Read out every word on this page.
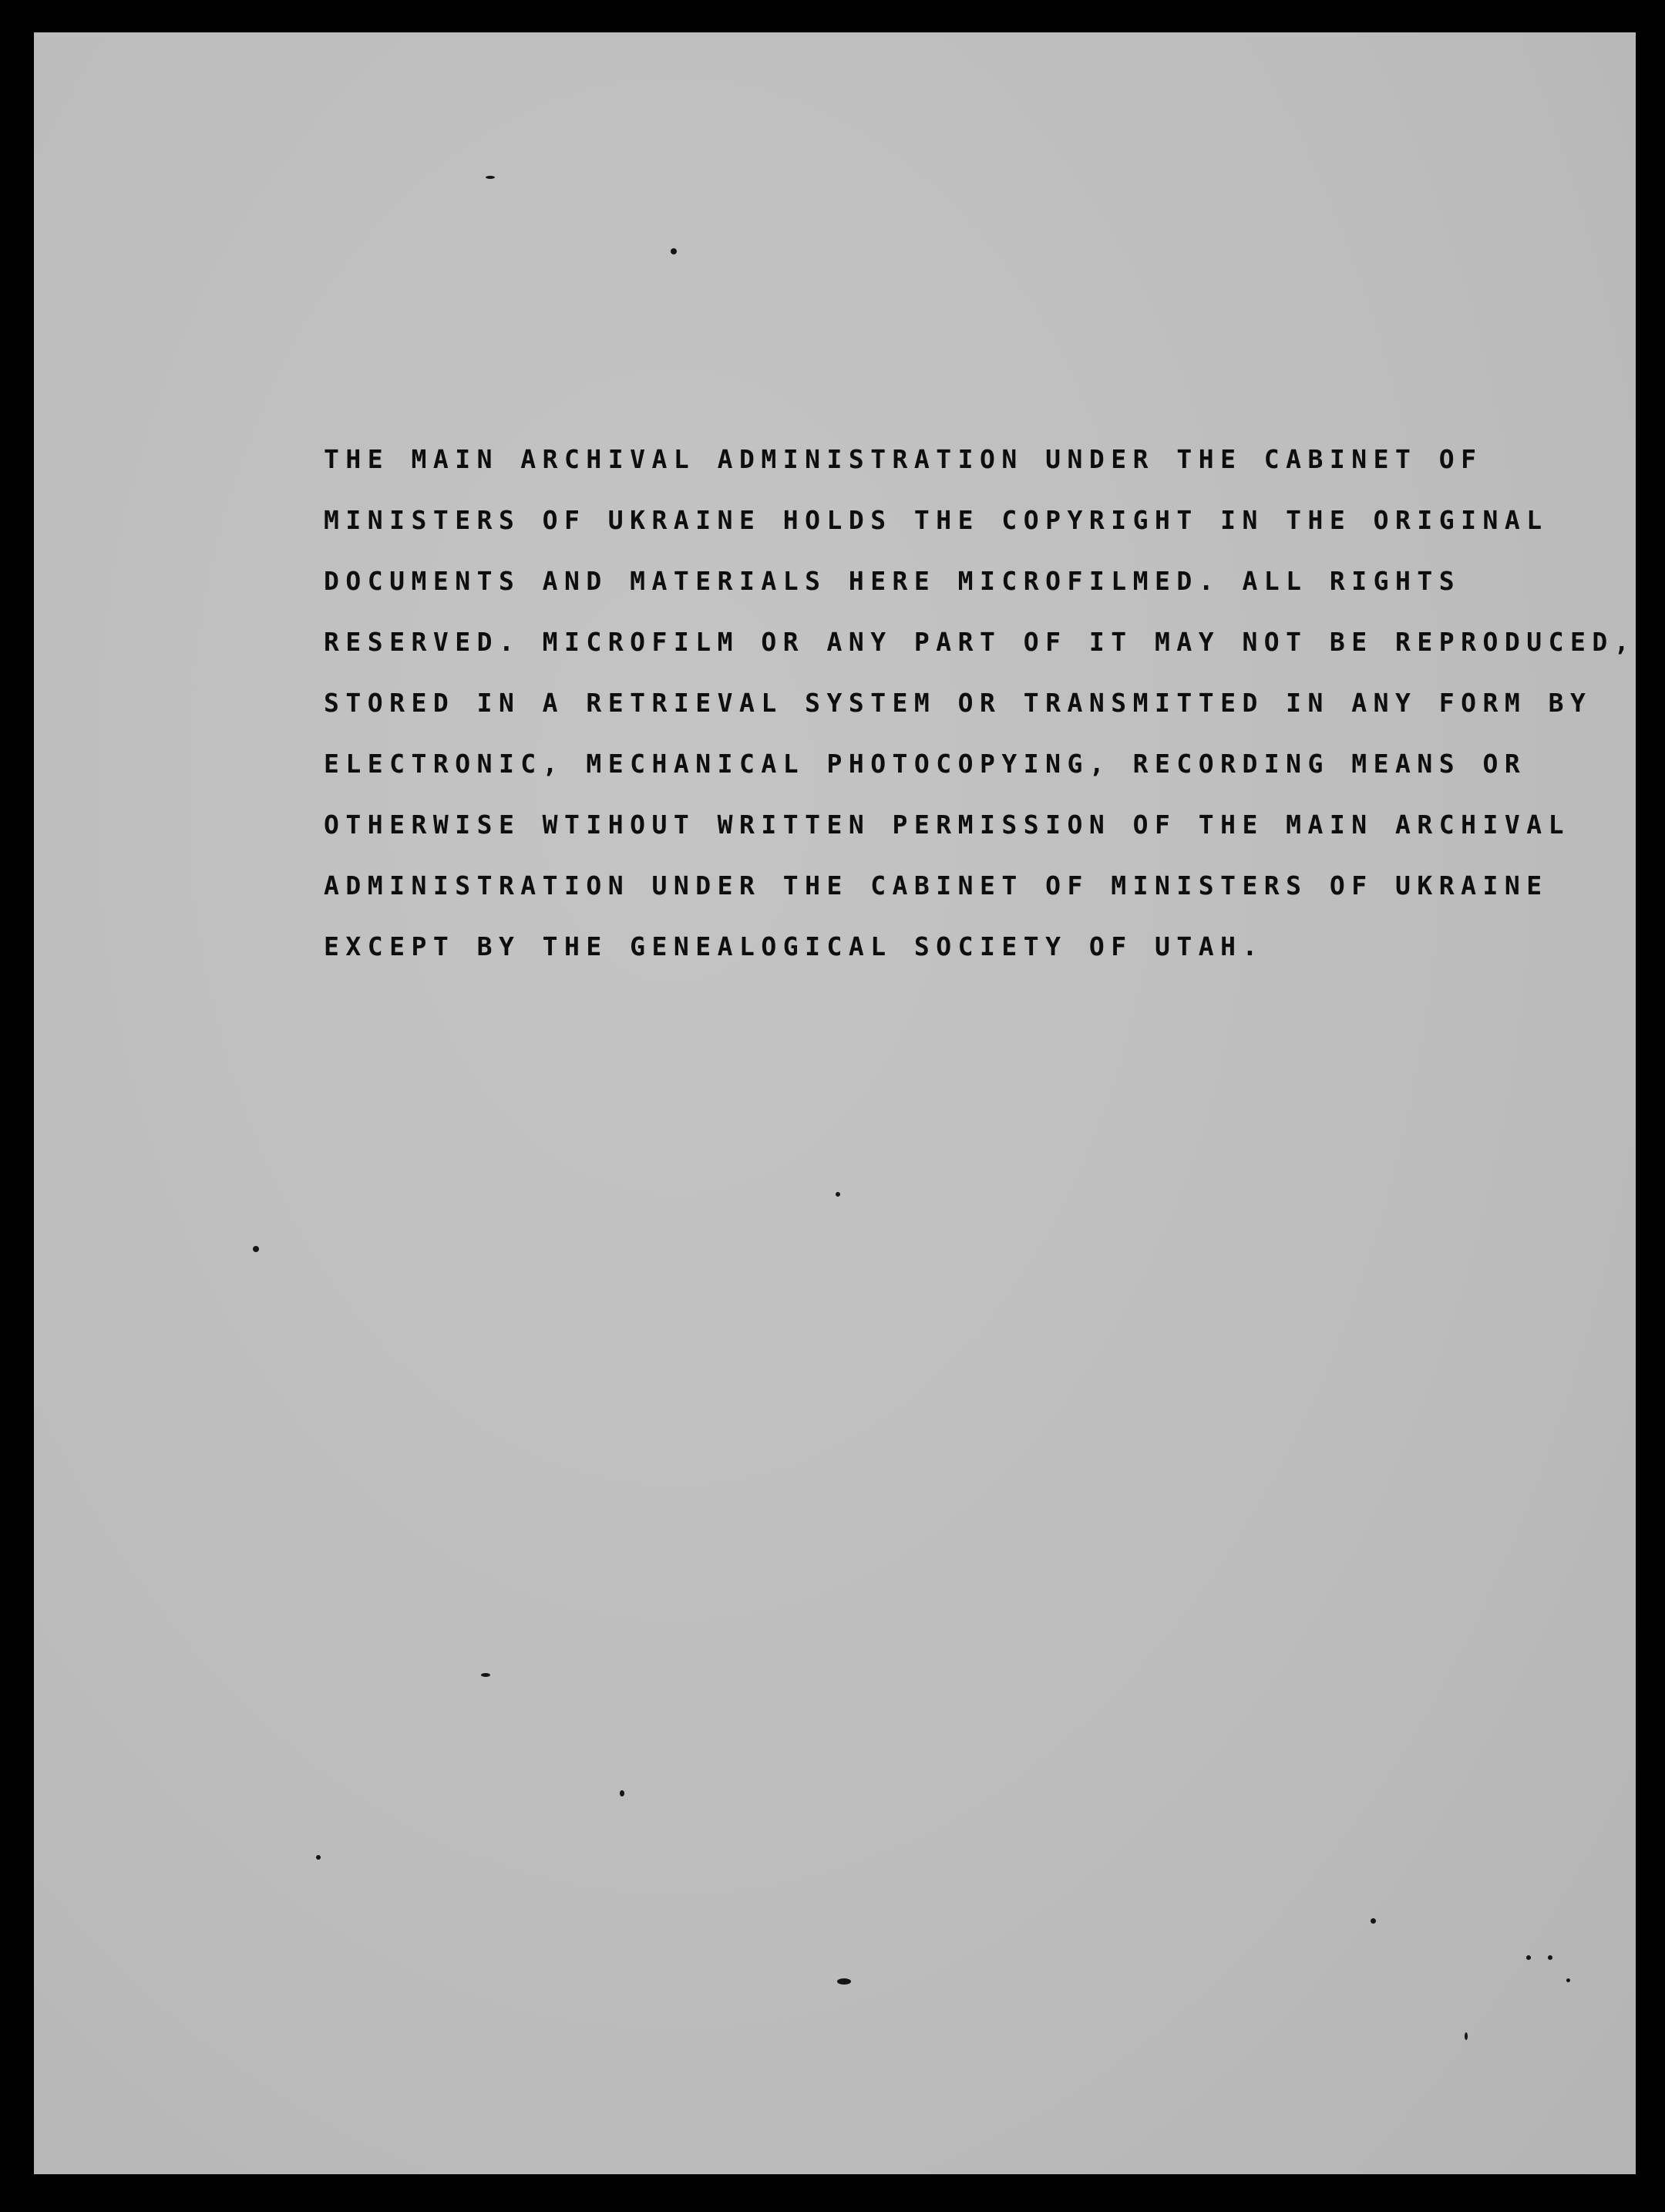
THE MAIN ARCHIVAL ADMINISTRATION UNDER THE CABINET OF
MINISTERS OF UKRAINE HOLDS THE COPYRIGHT IN THE ORIGINAL
DOCUMENTS AND MATERIALS HERE MICROFILMED. ALL RIGHTS
RESERVED. MICROFILM OR ANY PART OF IT MAY NOT BE REPRODUCED,
STORED IN A RETRIEVAL SYSTEM OR TRANSMITTED IN ANY FORM BY
ELECTRONIC, MECHANICAL PHOTOCOPYING, RECORDING MEANS OR
OTHERWISE WTIHOUT WRITTEN PERMISSION OF THE MAIN ARCHIVAL
ADMINISTRATION UNDER THE CABINET OF MINISTERS OF UKRAINE
EXCEPT BY THE GENEALOGICAL SOCIETY OF UTAH.
